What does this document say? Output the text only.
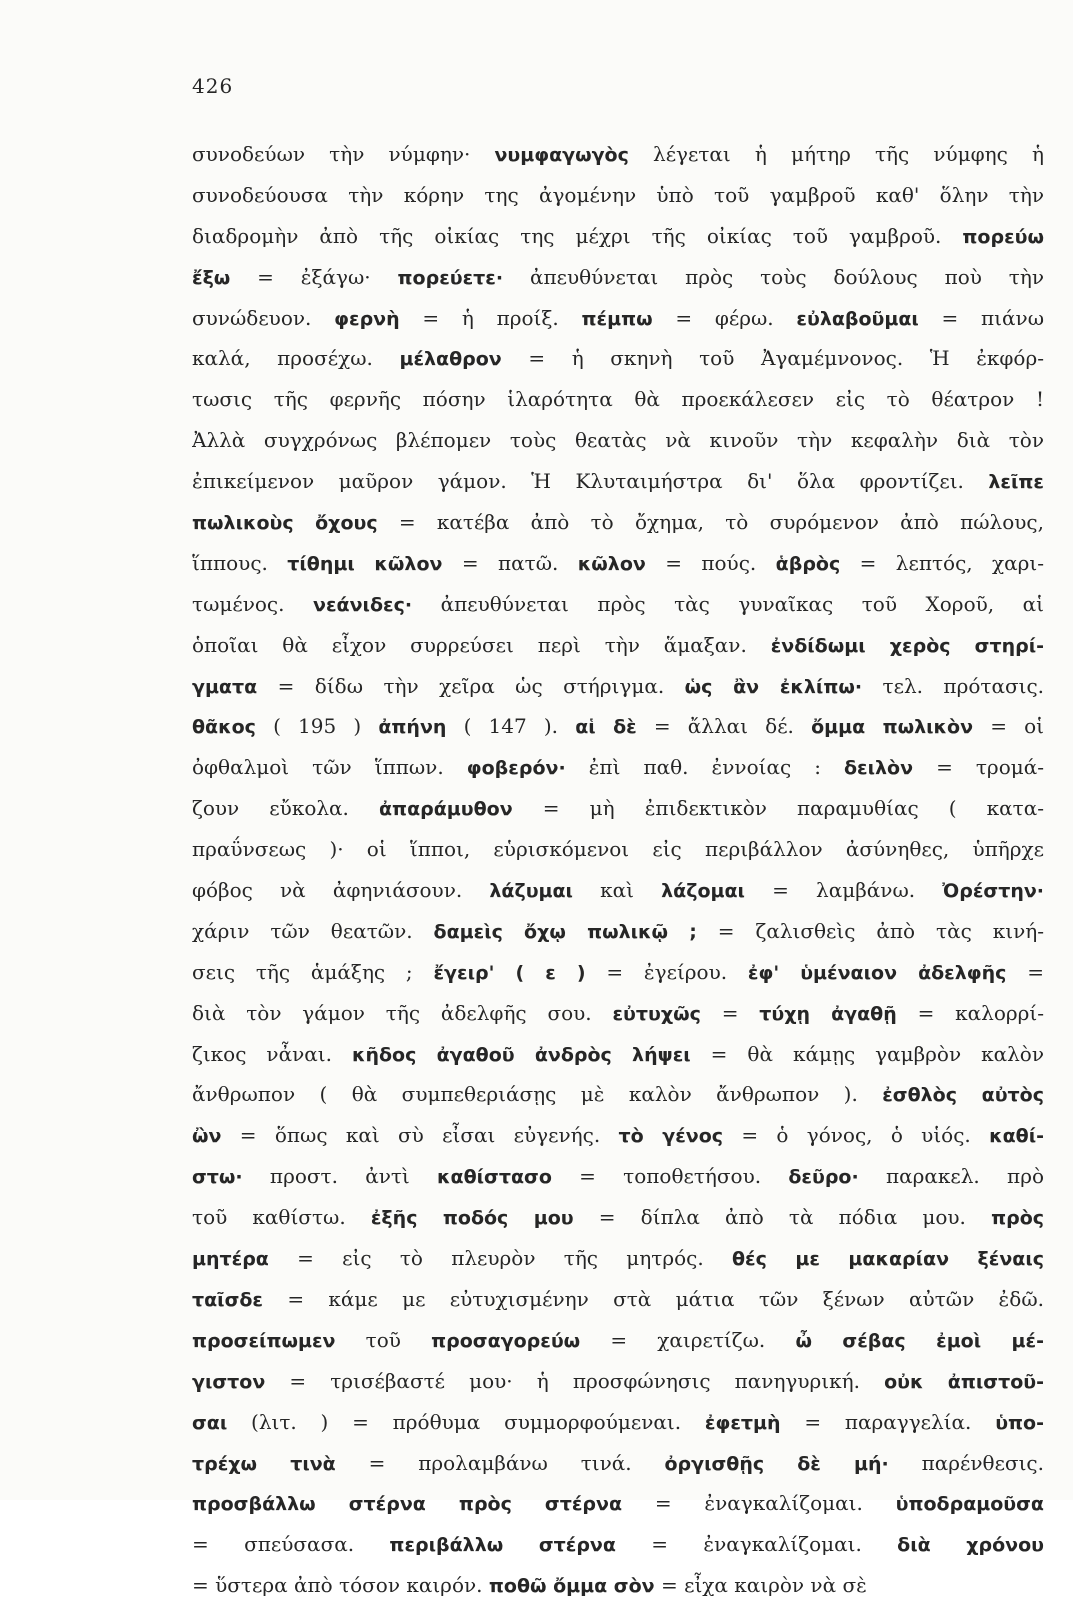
426
συνοδεύων τὴν νύμφην· νυμφαγωγὸς λέγεται ἡ μήτηρ τῆς νύμφης ἡ
συνοδεύουσα τὴν κόρην της ἀγομένην ὑπὸ τοῦ γαμβροῦ καθ' ὅλην τὴν
διαδρομὴν ἀπὸ τῆς οἰκίας της μέχρι τῆς οἰκίας τοῦ γαμβροῦ. πορεύω
ἔξω = ἐξάγω· πορεύετε· ἀπευθύνεται πρὸς τοὺς δούλους ποὺ τὴν
συνώδευον. φερνὴ = ἡ προίξ. πέμπω = φέρω. εὐλαβοῦμαι = πιάνω
καλά, προσέχω. μέλαθρον = ἡ σκηνὴ τοῦ Ἀγαμέμνονος. Ἡ ἐκφόρ-
τωσις τῆς φερνῆς πόσην ἱλαρότητα θὰ προεκάλεσεν εἰς τὸ θέατρον !
Ἀλλὰ συγχρόνως βλέπομεν τοὺς θεατὰς νὰ κινοῦν τὴν κεφαλὴν διὰ τὸν
ἐπικείμενον μαῦρον γάμον. Ἡ Κλυταιμήστρα δι' ὅλα φροντίζει. λεῖπε
πωλικοὺς ὄχους = κατέβα ἀπὸ τὸ ὄχημα, τὸ συρόμενον ἀπὸ πώλους,
ἵππους. τίθημι κῶλον = πατῶ. κῶλον = πούς. ἁβρὸς = λεπτός, χαρι-
τωμένος. νεάνιδες· ἀπευθύνεται πρὸς τὰς γυναῖκας τοῦ Χοροῦ, αἱ
ὁποῖαι θὰ εἶχον συρρεύσει περὶ τὴν ἅμαξαν. ἐνδίδωμι χερὸς στηρί-
γματα = δίδω τὴν χεῖρα ὡς στήριγμα. ὡς ἂν ἐκλίπω· τελ. πρότασις.
θᾶκος ( 195 ) ἀπήνη ( 147 ). αἱ δὲ = ἄλλαι δέ. ὄμμα πωλικὸν = οἱ
ὀφθαλμοὶ τῶν ἵππων. φοβερόν· ἐπὶ παθ. ἐννοίας : δειλὸν = τρομά-
ζουν εὔκολα. ἀπαράμυθον = μὴ ἐπιδεκτικὸν παραμυθίας ( κατα-
πραΰνσεως )· οἱ ἵπποι, εὑρισκόμενοι εἰς περιβάλλον ἀσύνηθες, ὑπῆρχε
φόβος νὰ ἀφηνιάσουν. λάζυμαι καὶ λάζομαι = λαμβάνω. Ὀρέστην·
χάριν τῶν θεατῶν. δαμεὶς ὄχῳ πωλικῷ ; = ζαλισθεὶς ἀπὸ τὰς κινή-
σεις τῆς ἁμάξης ; ἔγειρ' ( ε ) = ἐγείρου. ἐφ' ὑμέναιον ἀδελφῆς =
διὰ τὸν γάμον τῆς ἀδελφῆς σου. εὐτυχῶς = τύχῃ ἀγαθῇ = καλορρί-
ζικος νἆναι. κῆδος ἀγαθοῦ ἀνδρὸς λήψει = θὰ κάμῃς γαμβρὸν καλὸν
ἄνθρωπον ( θὰ συμπεθεριάσῃς μὲ καλὸν ἄνθρωπον ). ἐσθλὸς αὐτὸς
ὢν = ὅπως καὶ σὺ εἶσαι εὐγενής. τὸ γένος = ὁ γόνος, ὁ υἱός. καθί-
στω· προστ. ἀντὶ καθίστασο = τοποθετήσου. δεῦρο· παρακελ. πρὸ
τοῦ καθίστω. ἐξῆς ποδός μου = δίπλα ἀπὸ τὰ πόδια μου. πρὸς
μητέρα = εἰς τὸ πλευρὸν τῆς μητρός. θές με μακαρίαν ξέναις
ταῖσδε = κάμε με εὐτυχισμένην στὰ μάτια τῶν ξένων αὐτῶν ἐδῶ.
προσείπωμεν τοῦ προσαγορεύω = χαιρετίζω. ὦ σέβας ἐμοὶ μέ-
γιστον = τρισέβαστέ μου· ἡ προσφώνησις πανηγυρική. οὐκ ἀπιστοῦ-
σαι (λιτ. ) = πρόθυμα συμμορφούμεναι. ἐφετμὴ = παραγγελία. ὑπο-
τρέχω τινὰ = προλαμβάνω τινά. ὀργισθῇς δὲ μή· παρένθεσις.
προσβάλλω στέρνα πρὸς στέρνα = ἐναγκαλίζομαι. ὑποδραμοῦσα
= σπεύσασα. περιβάλλω στέρνα = ἐναγκαλίζομαι. διὰ χρόνου
= ὕστερα ἀπὸ τόσον καιρόν. ποθῶ ὄμμα σὸν = εἶχα καιρὸν νὰ σὲ
